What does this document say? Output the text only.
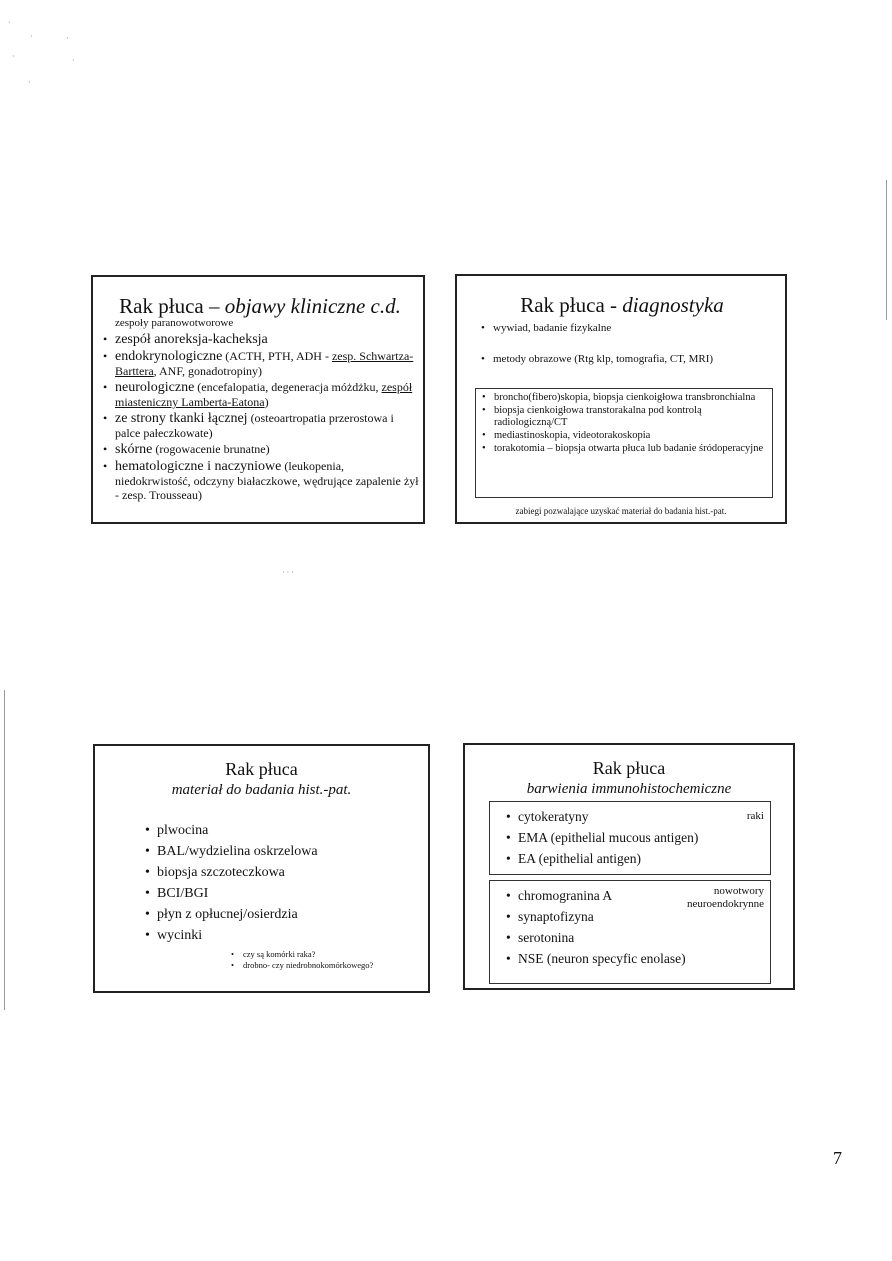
·
·	·
·	·
·
· · ·
Rak płuca – objawy kliniczne c.d.
zespoły paranowotworowe
• zespół anoreksja-kacheksja
• endokrynologiczne (ACTH, PTH, ADH - zesp. Schwartza-Barttera, ANF, gonadotropiny)
• neurologiczne (encefalopatia, degeneracja móżdżku, zespół miasteniczny Lamberta-Eatona)
• ze strony tkanki łącznej (osteoartropatia przerostowa i palce pałeczkowate)
• skórne (rogowacenie brunatne)
• hematologiczne i naczyniowe (leukopenia, niedokrwistość, odczyny białaczkowe, wędrujące zapalenie żył - zesp. Trousseau)
Rak płuca - diagnostyka
• wywiad, badanie fizykalne
• metody obrazowe (Rtg klp, tomografia, CT, MRI)
• broncho(fibero)skopia, biopsja cienkoigłowa transbronchialna
• biopsja cienkoigłowa transtorakalna pod kontrolą radiologiczną/CT
• mediastinoskopia, videotorakoskopia
• torakotomia – biopsja otwarta płuca lub badanie śródoperacyjne
zabiegi pozwalające uzyskać materiał do badania hist.-pat.
Rak płuca
materiał do badania hist.-pat.
• plwocina
• BAL/wydzielina oskrzelowa
• biopsja szczoteczkowa
• BCI/BGI
• płyn z opłucnej/osierdzia
• wycinki
• czy są komórki raka?
• drobno- czy niedrobnokomórkowego?
Rak płuca
barwienia immunohistochemiczne
raki
• cytokeratyny
• EMA (epithelial mucous antigen)
• EA (epithelial antigen)
nowotwory
neuroendokrynne
• chromogranina A
• synaptofizyna
• serotonina
• NSE (neuron specyfic enolase)
7
